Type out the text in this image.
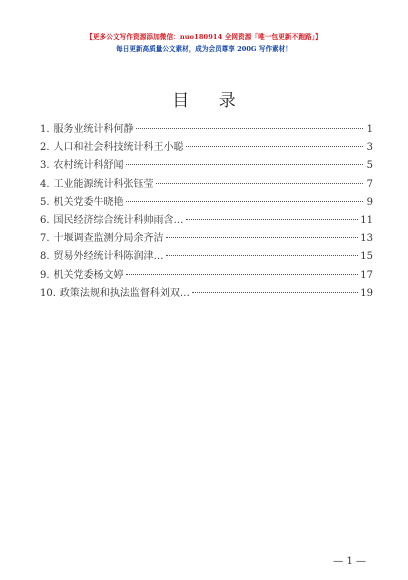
【更多公文写作资源添加微信：nuo180914 全网资源「唯一包更新不跑路」】
每日更新高质量公文素材，成为会员尊享 200G 写作素材！
目 录
1. 服务业统计科何静	1
2. 人口和社会科技统计科王小聪	3
3. 农村统计科舒闻	5
4. 工业能源统计科张钰莹	7
5. 机关党委牛晓艳	9
6. 国民经济综合统计科帅雨含…	11
7. 十堰调查监测分局余齐洁	13
8. 贸易外经统计科陈润津…	15
9. 机关党委杨文婷	17
10. 政策法规和执法监督科刘双…	19
— 1 —
